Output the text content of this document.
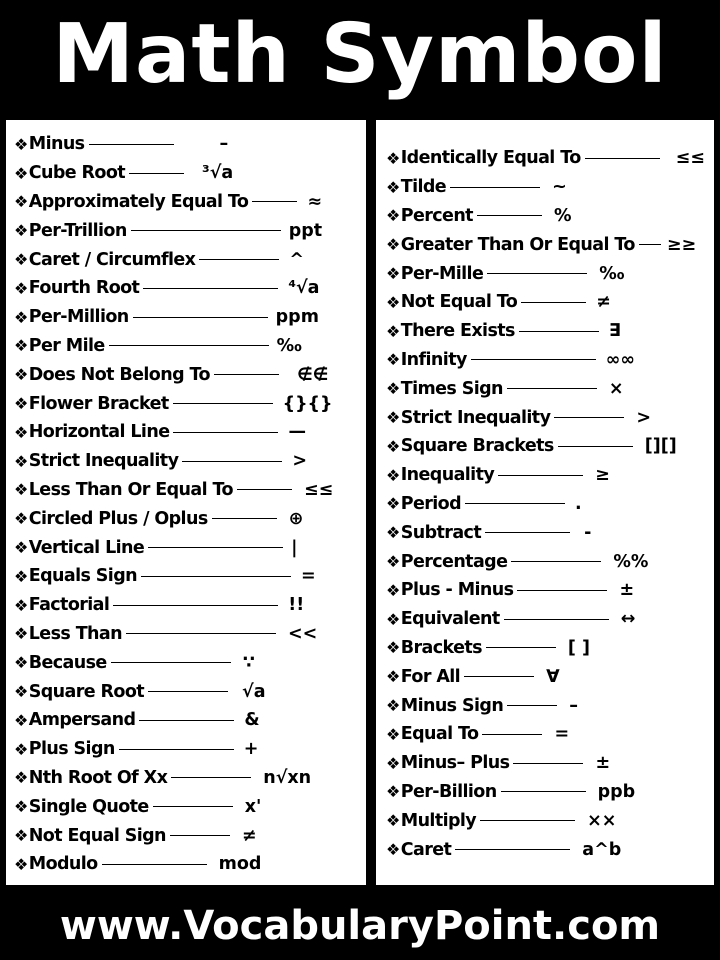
Math Symbol
❖ Minus	–
❖ Cube Root	³√a
❖ Approximately Equal To	≈
❖ Per-Trillion	ppt
❖ Caret / Circumflex	^
❖ Fourth Root	⁴√a
❖ Per-Million	ppm
❖ Per Mile	‰
❖ Does Not Belong To	∉∉
❖ Flower Bracket	{}{}
❖ Horizontal Line	—
❖ Strict Inequality	>
❖ Less Than Or Equal To	≤≤
❖ Circled Plus / Oplus	⊕
❖ Vertical Line	|
❖ Equals Sign	=
❖ Factorial	!!
❖ Less Than	<<
❖ Because	∵
❖ Square Root	√a
❖ Ampersand	&
❖ Plus Sign	+
❖ Nth Root Of Xx	n√xn
❖ Single Quote	x'
❖ Not Equal Sign	≠
❖ Modulo	mod
❖ Identically Equal To	≤≤
❖ Tilde	~
❖ Percent	%
❖ Greater Than Or Equal To ≥≥
❖ Per-Mille	‰
❖ Not Equal To	≠
❖ There Exists	∃
❖ Infinity	∞∞
❖ Times Sign	×
❖ Strict Inequality	>
❖ Square Brackets	[][]
❖ Inequality	≥
❖ Period	.
❖ Subtract	-
❖ Percentage	%%
❖ Plus - Minus	±
❖ Equivalent	↔
❖ Brackets	[ ]
❖ For All	∀
❖ Minus Sign	–
❖ Equal To	=
❖ Minus– Plus	±
❖ Per-Billion	ppb
❖ Multiply	××
❖ Caret	a^b
www.VocabularyPoint.com
